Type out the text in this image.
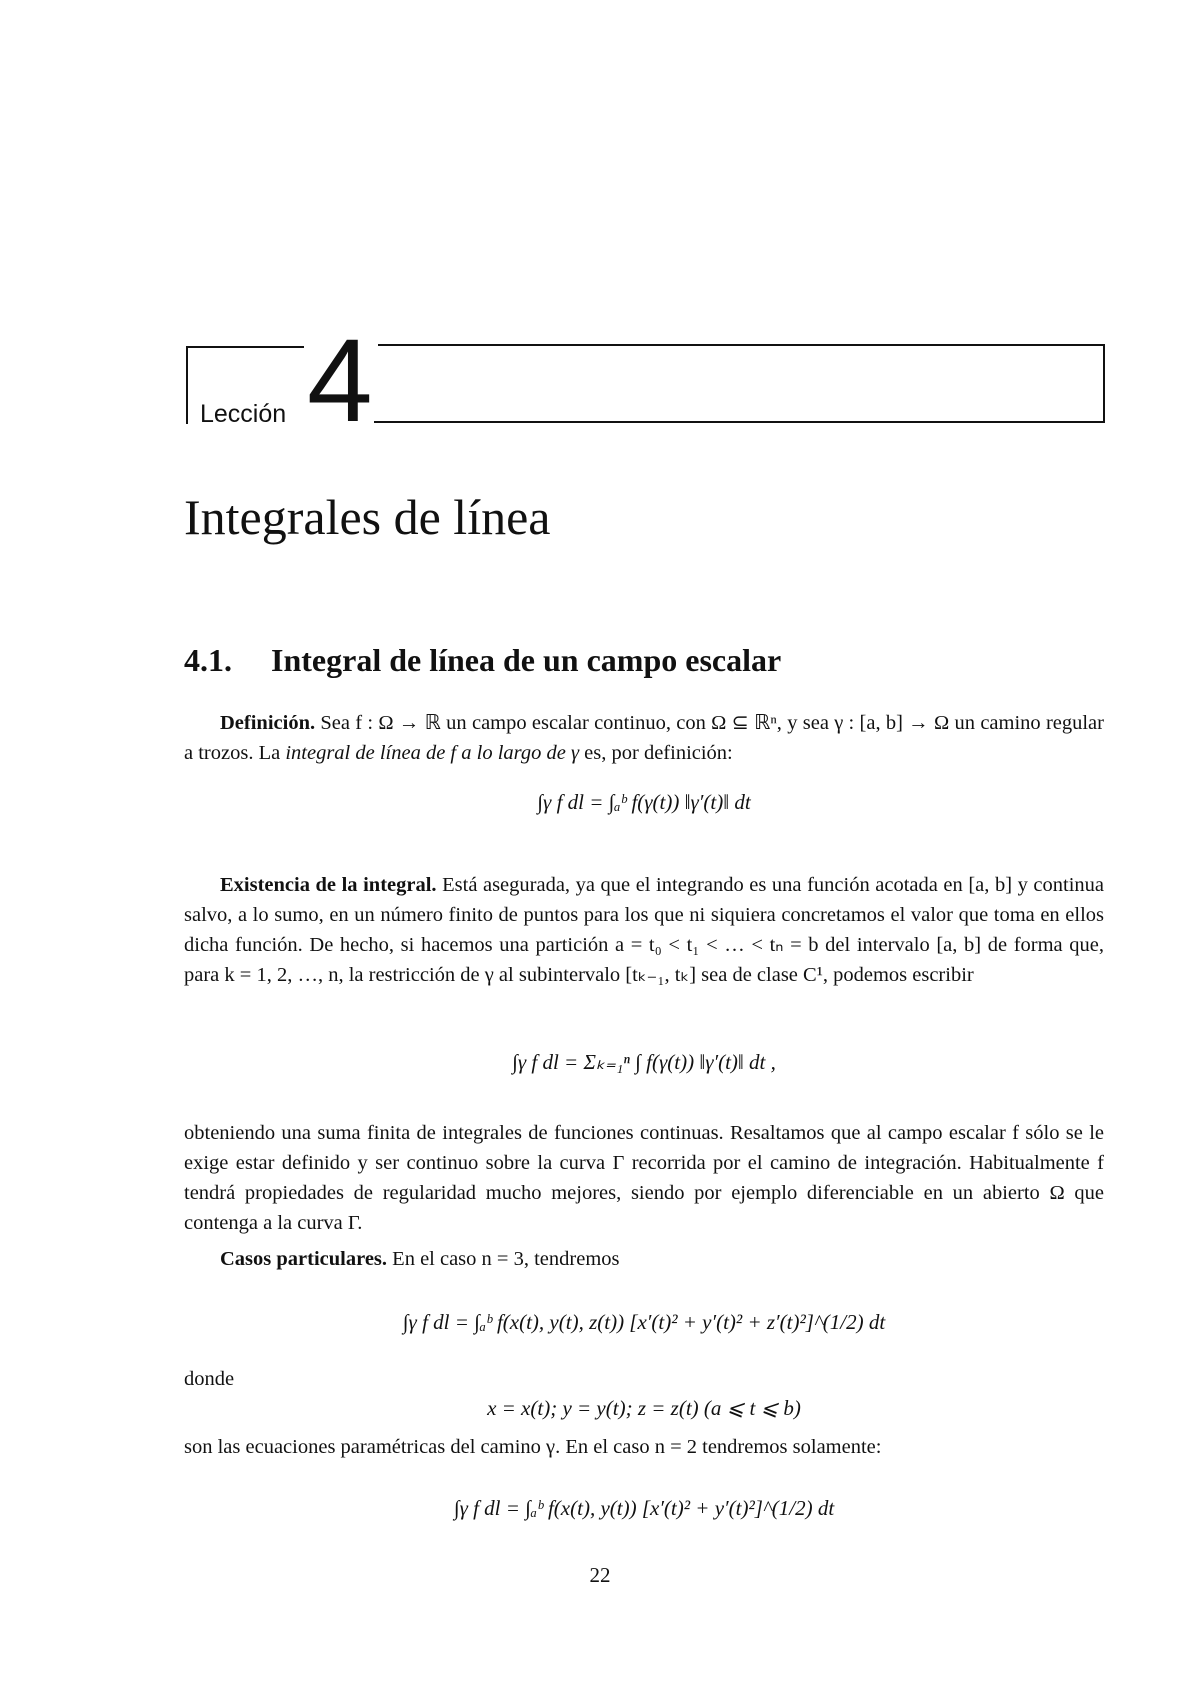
Lección 4
Integrales de línea
4.1. Integral de línea de un campo escalar
Definición. Sea f : Ω → ℝ un campo escalar continuo, con Ω ⊆ ℝⁿ, y sea γ : [a, b] → Ω un camino regular a trozos. La integral de línea de f a lo largo de γ es, por definición:
∫γ f dl = ∫ₐᵇ f(γ(t)) ‖γ′(t)‖ dt
Existencia de la integral. Está asegurada, ya que el integrando es una función acotada en [a, b] y continua salvo, a lo sumo, en un número finito de puntos para los que ni siquiera concretamos el valor que toma en ellos dicha función. De hecho, si hacemos una partición a = t₀ < t₁ < … < tₙ = b del intervalo [a, b] de forma que, para k = 1, 2, …, n, la restricción de γ al subintervalo [tₖ₋₁, tₖ] sea de clase C¹, podemos escribir
∫γ f dl = Σₖ₌₁ⁿ ∫ f(γ(t)) ‖γ′(t)‖ dt ,
obteniendo una suma finita de integrales de funciones continuas. Resaltamos que al campo escalar f sólo se le exige estar definido y ser continuo sobre la curva Γ recorrida por el camino de integración. Habitualmente f tendrá propiedades de regularidad mucho mejores, siendo por ejemplo diferenciable en un abierto Ω que contenga a la curva Γ.
Casos particulares. En el caso n = 3, tendremos
∫γ f dl = ∫ₐᵇ f(x(t), y(t), z(t)) [x′(t)² + y′(t)² + z′(t)²]^(1/2) dt
donde
x = x(t); y = y(t); z = z(t) (a ⩽ t ⩽ b)
son las ecuaciones paramétricas del camino γ. En el caso n = 2 tendremos solamente:
∫γ f dl = ∫ₐᵇ f(x(t), y(t)) [x′(t)² + y′(t)²]^(1/2) dt
22
